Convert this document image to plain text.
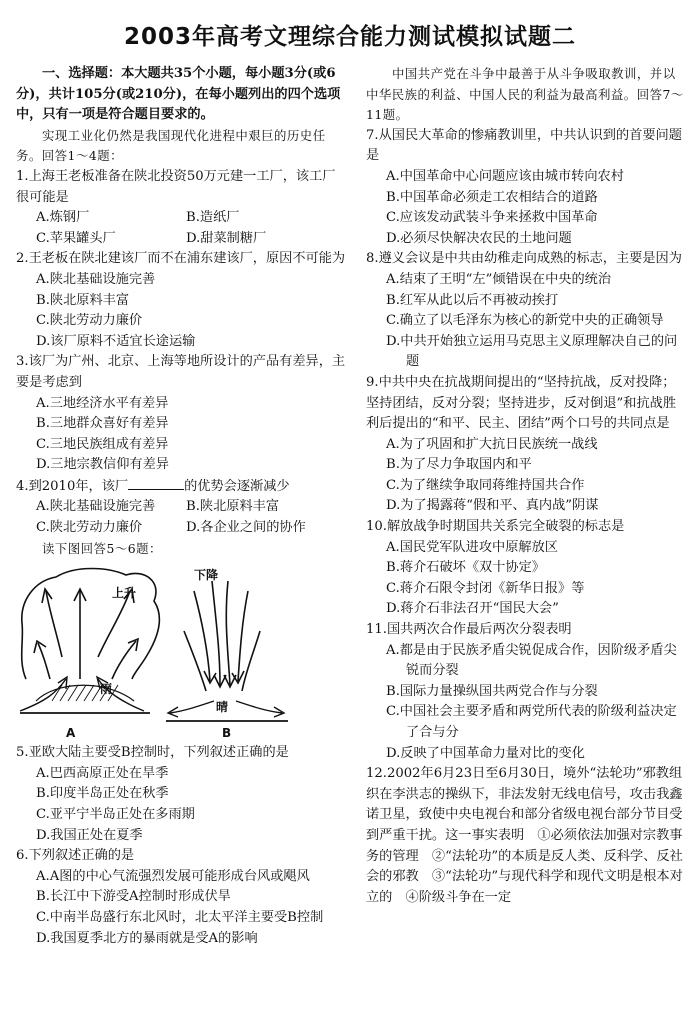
2003年高考文理综合能力测试模拟试题二

一、选择题：本大题共35个小题，每小题3分(或6分)，共计105分(或210分)，在每小题列出的四个选项中，只有一项是符合题目要求的。

实现工业化仍然是我国现代化进程中艰巨的历史任务。回答1～4题：

1.上海王老板准备在陕北投资50万元建一工厂，该工厂很可能是

A.炼钢厂	B.造纸厂
C.苹果罐头厂	D.甜菜制糖厂

2.王老板在陕北建该厂而不在浦东建该厂，原因不可能为

A.陕北基础设施完善

B.陕北原料丰富

C.陕北劳动力廉价

D.该厂原料不适宜长途运输

3.该厂为广州、北京、上海等地所设计的产品有差异，主要是考虑到

A.三地经济水平有差异

B.三地群众喜好有差异

C.三地民族组成有差异

D.三地宗教信仰有差异

4.到2010年，该厂	的优势会逐渐减少

A.陕北基础设施完善	B.陕北原料丰富
C.陕北劳动力廉价	D.各企业之间的协作

读下图回答5～6题：

上升
下降
雨
晴
A	B

5.亚欧大陆主要受B控制时，下列叙述正确的是

A.巴西高原正处在旱季

B.印度半岛正处在秋季

C.亚平宁半岛正处在多雨期

D.我国正处在夏季

6.下列叙述正确的是

A.A图的中心气流强烈发展可能形成台风或飓风

B.长江中下游受A控制时形成伏旱

C.中南半岛盛行东北风时，北太平洋主要受B控制

D.我国夏季北方的暴雨就是受A的影响

中国共产党在斗争中最善于从斗争吸取教训，并以中华民族的利益、中国人民的利益为最高利益。回答7～11题。

7.从国民大革命的惨痛教训里，中共认识到的首要问题是

A.中国革命中心问题应该由城市转向农村

B.中国革命必须走工农相结合的道路

C.应该发动武装斗争来拯救中国革命

D.必须尽快解决农民的土地问题

8.遵义会议是中共由幼稚走向成熟的标志，主要是因为

A.结束了王明“左”倾错误在中央的统治

B.红军从此以后不再被动挨打

C.确立了以毛泽东为核心的新党中央的正确领导

D.中共开始独立运用马克思主义原理解决自己的问题

9.中共中央在抗战期间提出的“坚持抗战，反对投降；坚持团结，反对分裂；坚持进步，反对倒退”和抗战胜利后提出的“和平、民主、团结”两个口号的共同点是

A.为了巩固和扩大抗日民族统一战线

B.为了尽力争取国内和平

C.为了继续争取同蒋维持国共合作

D.为了揭露蒋“假和平、真内战”阴谋

10.解放战争时期国共关系完全破裂的标志是

A.国民党军队进攻中原解放区

B.蒋介石破坏《双十协定》

C.蒋介石限令封闭《新华日报》等

D.蒋介石非法召开“国民大会”

11.国共两次合作最后两次分裂表明

A.都是由于民族矛盾尖锐促成合作，因阶级矛盾尖锐而分裂

B.国际力量操纵国共两党合作与分裂

C.中国社会主要矛盾和两党所代表的阶级利益决定了合与分

D.反映了中国革命力量对比的变化

12.2002年6月23日至6月30日，境外“法轮功”邪教组织在李洪志的操纵下，非法发射无线电信号，攻击我鑫诺卫星，致使中央电视台和部分省级电视台部分节目受到严重干扰。这一事实表明　①必须依法加强对宗教事务的管理　②“法轮功”的本质是反人类、反科学、反社会的邪教　③“法轮功”与现代科学和现代文明是根本对立的　④阶级斗争在一定
